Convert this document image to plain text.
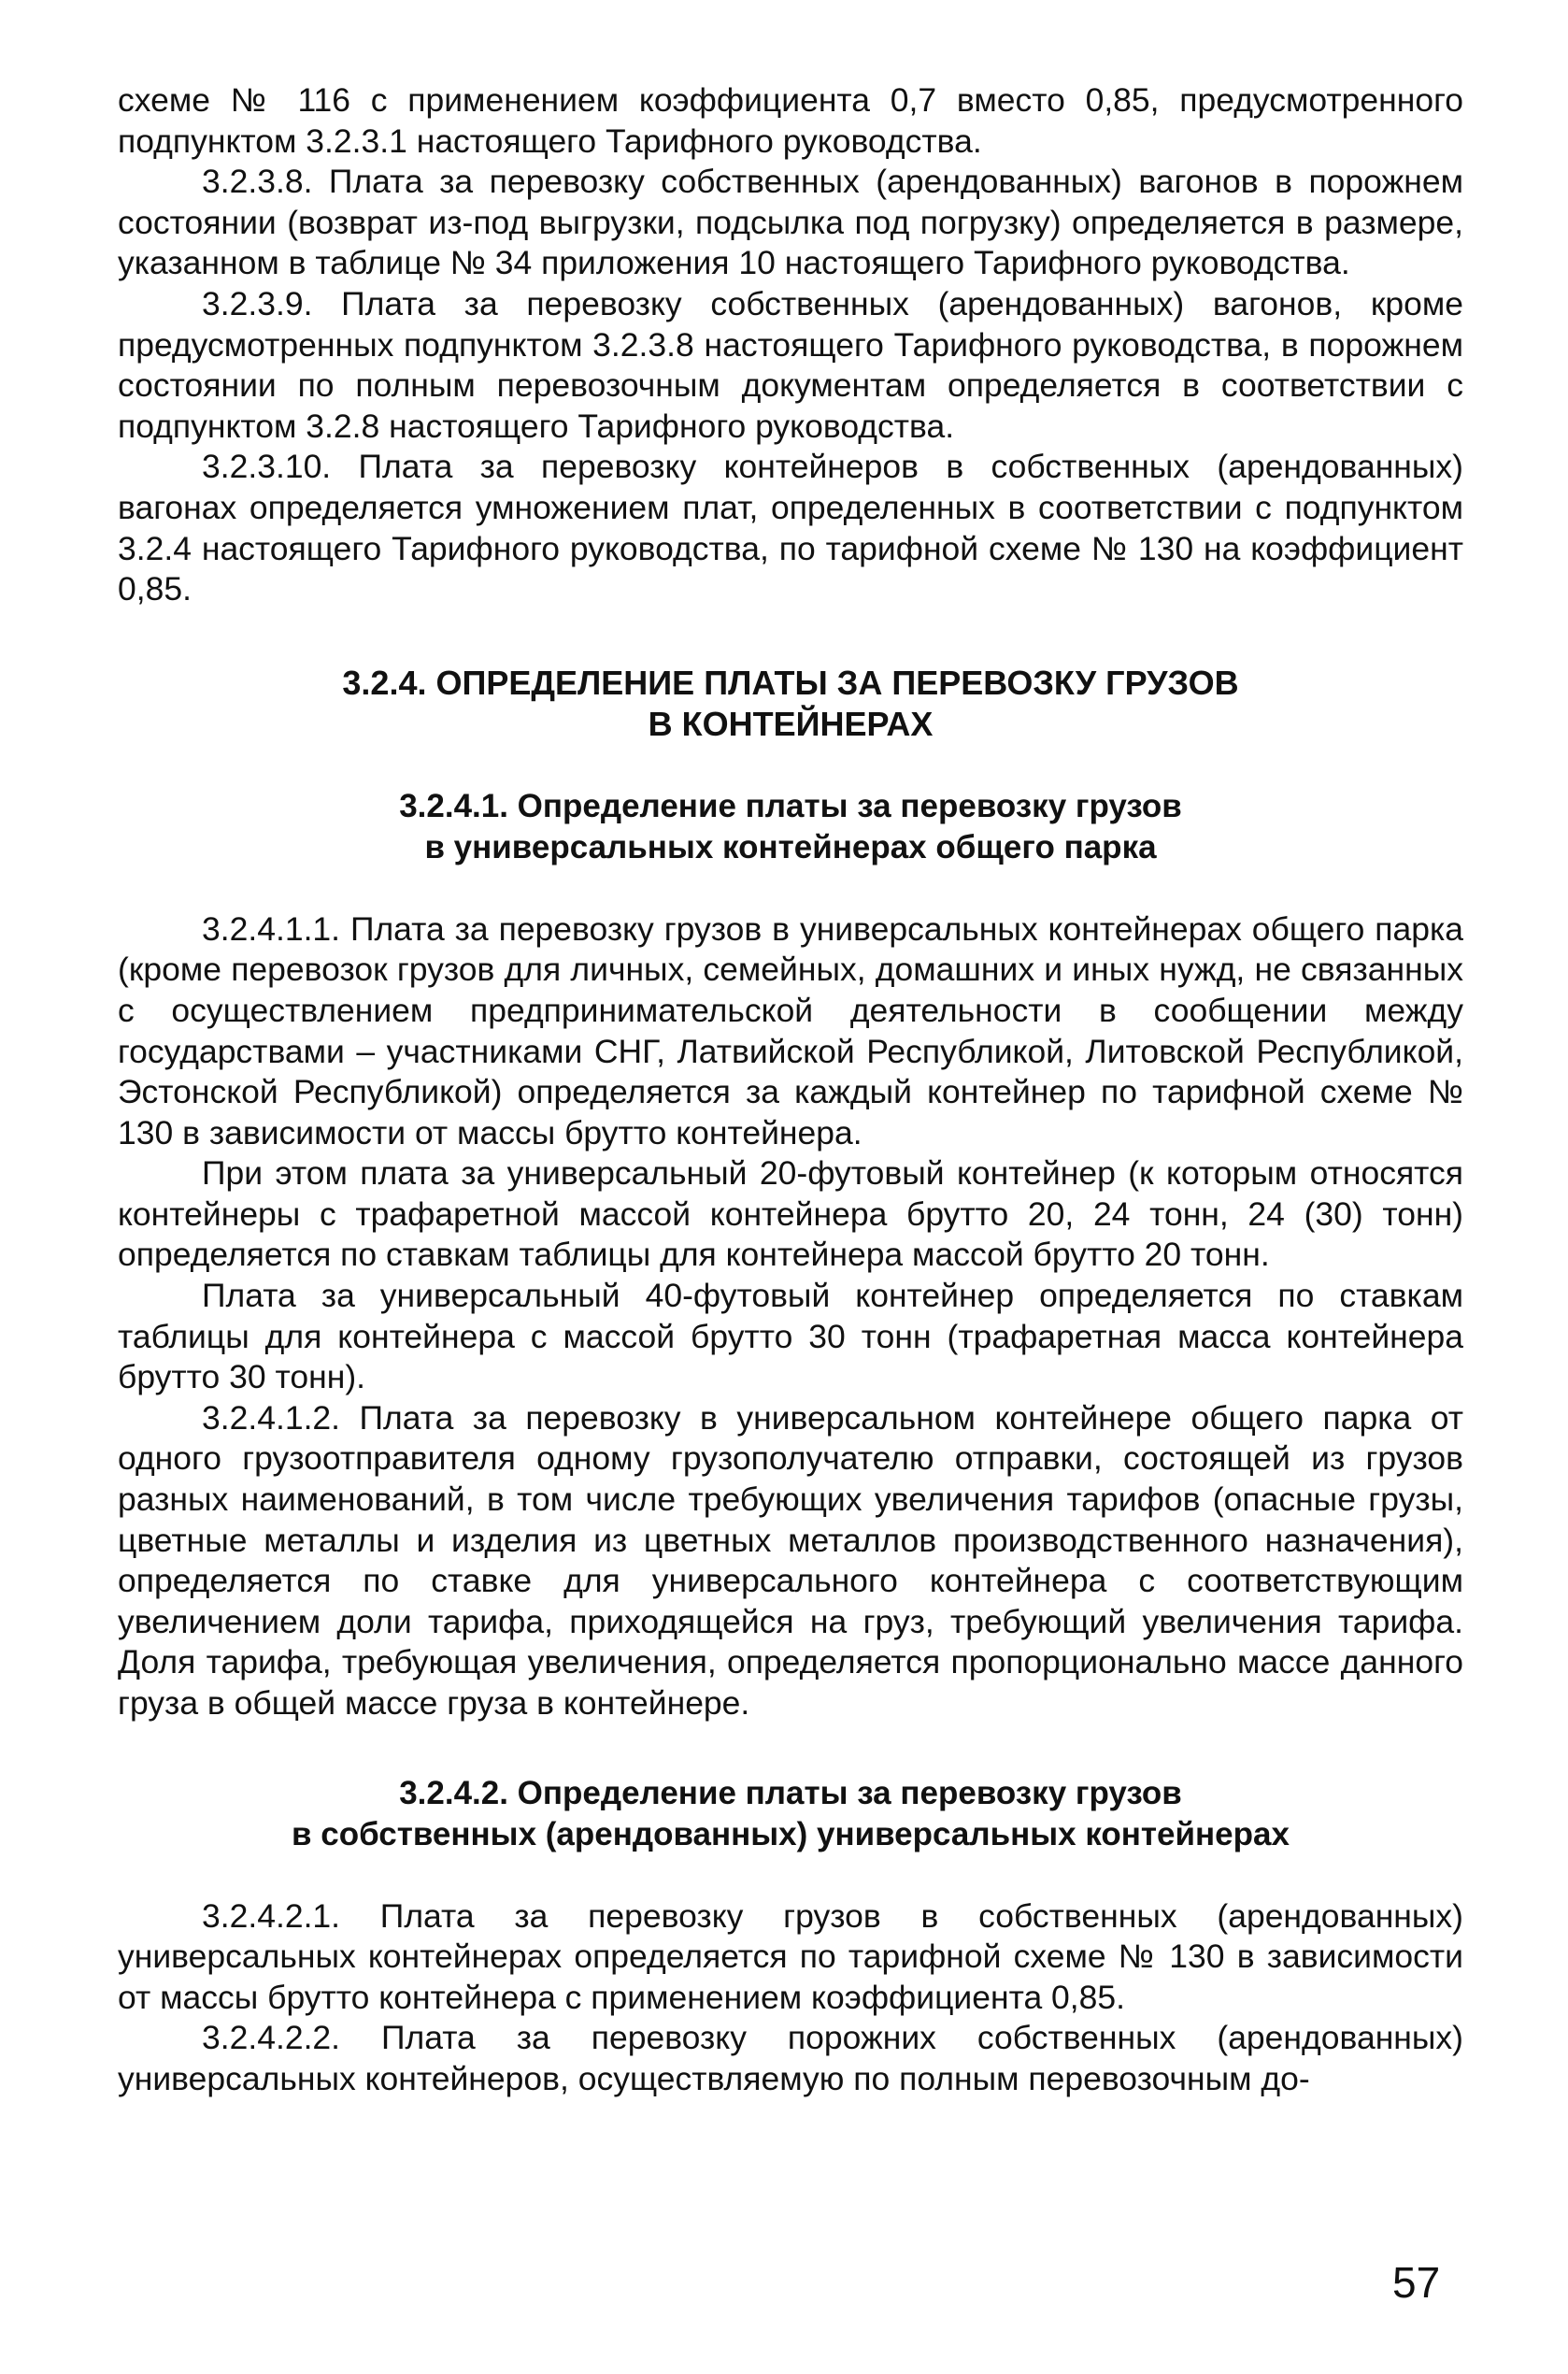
схеме № 116 с применением коэффициента 0,7 вместо 0,85, предусмотренного подпунктом 3.2.3.1 настоящего Тарифного руководства.

3.2.3.8. Плата за перевозку собственных (арендованных) вагонов в порожнем состоянии (возврат из-под выгрузки, подсылка под погрузку) определяется в размере, указанном в таблице № 34 приложения 10 настоящего Тарифного руководства.

3.2.3.9. Плата за перевозку собственных (арендованных) вагонов, кроме предусмотренных подпунктом 3.2.3.8 настоящего Тарифного руководства, в порожнем состоянии по полным перевозочным документам определяется в соответствии с подпунктом 3.2.8 настоящего Тарифного руководства.

3.2.3.10. Плата за перевозку контейнеров в собственных (арендованных) вагонах определяется умножением плат, определенных в соответствии с подпунктом 3.2.4 настоящего Тарифного руководства, по тарифной схеме № 130 на коэффициент 0,85.

3.2.4. ОПРЕДЕЛЕНИЕ ПЛАТЫ ЗА ПЕРЕВОЗКУ ГРУЗОВ
В КОНТЕЙНЕРАХ
3.2.4.1. Определение платы за перевозку грузов
в универсальных контейнерах общего парка

3.2.4.1.1. Плата за перевозку грузов в универсальных контейнерах общего парка (кроме перевозок грузов для личных, семейных, домашних и иных нужд, не связанных с осуществлением предпринимательской деятельности в сообщении между государствами – участниками СНГ, Латвийской Республикой, Литовской Республикой, Эстонской Республикой) определяется за каждый контейнер по тарифной схеме № 130 в зависимости от массы брутто контейнера.

При этом плата за универсальный 20-футовый контейнер (к которым относятся контейнеры с трафаретной массой контейнера брутто 20, 24 тонн, 24 (30) тонн) определяется по ставкам таблицы для контейнера массой брутто 20 тонн.

Плата за универсальный 40-футовый контейнер определяется по ставкам таблицы для контейнера с массой брутто 30 тонн (трафаретная масса контейнера брутто 30 тонн).

3.2.4.1.2. Плата за перевозку в универсальном контейнере общего парка от одного грузоотправителя одному грузополучателю отправки, состоящей из грузов разных наименований, в том числе требующих увеличения тарифов (опасные грузы, цветные металлы и изделия из цветных металлов производственного назначения), определяется по ставке для универсального контейнера с соответствующим увеличением доли тарифа, приходящейся на груз, требующий увеличения тарифа. Доля тарифа, требующая увеличения, определяется пропорционально массе данного груза в общей массе груза в контейнере.

3.2.4.2. Определение платы за перевозку грузов
в собственных (арендованных) универсальных контейнерах

3.2.4.2.1. Плата за перевозку грузов в собственных (арендованных) универсальных контейнерах определяется по тарифной схеме № 130 в зависимости от массы брутто контейнера с применением коэффициента 0,85.

3.2.4.2.2. Плата за перевозку порожних собственных (арендованных) универсальных контейнеров, осуществляемую по полным перевозочным до-

57
